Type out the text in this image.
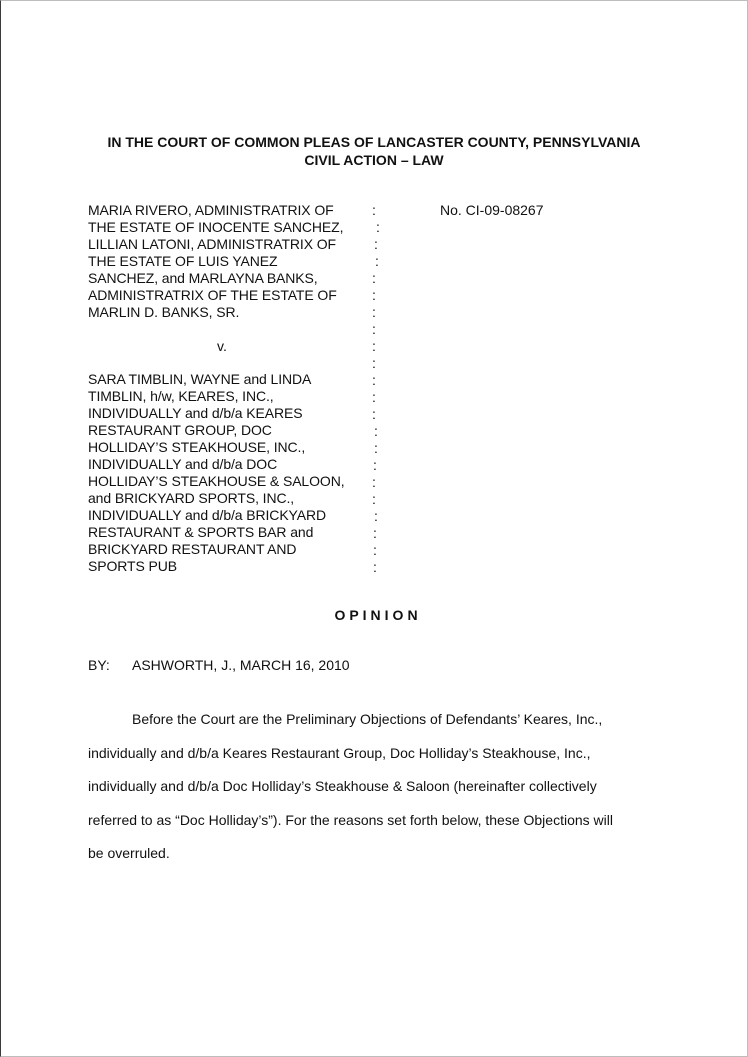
IN THE COURT OF COMMON PLEAS OF LANCASTER COUNTY, PENNSYLVANIA
CIVIL ACTION – LAW
MARIA RIVERO, ADMINISTRATRIX OF
THE ESTATE OF INOCENTE SANCHEZ,
LILLIAN LATONI, ADMINISTRATRIX OF
THE ESTATE OF LUIS YANEZ
SANCHEZ, and MARLAYNA BANKS,
ADMINISTRATRIX OF THE ESTATE OF
MARLIN D. BANKS, SR.
SARA TIMBLIN, WAYNE and LINDA
TIMBLIN, h/w, KEARES, INC.,
INDIVIDUALLY and d/b/a KEARES
RESTAURANT GROUP, DOC
HOLLIDAY’S STEAKHOUSE, INC.,
INDIVIDUALLY and d/b/a DOC
HOLLIDAY’S STEAKHOUSE & SALOON,
and BRICKYARD SPORTS, INC.,
INDIVIDUALLY and d/b/a BRICKYARD
RESTAURANT & SPORTS BAR and
BRICKYARD RESTAURANT AND
SPORTS PUB
:
:
:
:
:
:
:
:
:
:
:
:
:
:
:
:
:
:
:
:
:
:
No. CI-09-08267
v.
OPINION
BY: ASHWORTH, J., MARCH 16, 2010
Before the Court are the Preliminary Objections of Defendants’ Keares, Inc.,
individually and d/b/a Keares Restaurant Group, Doc Holliday’s Steakhouse, Inc.,
individually and d/b/a Doc Holliday’s Steakhouse & Saloon (hereinafter collectively
referred to as “Doc Holliday’s”). For the reasons set forth below, these Objections will
be overruled.
